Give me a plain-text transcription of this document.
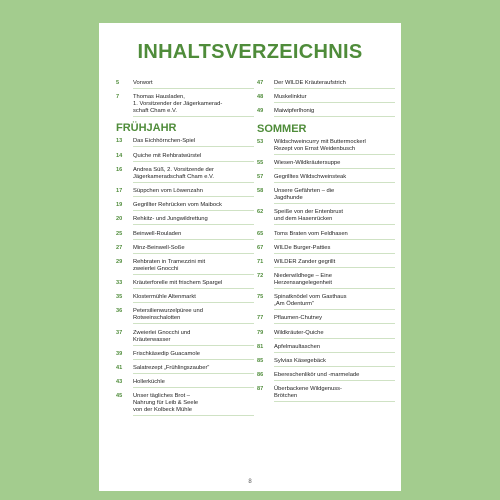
INHALTSVERZEICHNIS
5	Vorwort
7	Thomas Hausladen,
1. Vorsitzender der Jägerkamerad-
schaft Cham e.V.
FRÜHJAHR
13	Das Eichhörnchen-Spiel
14	Quiche mit Rehbratwürstel
16	Andrea Süß, 2. Vorsitzende der
Jägerkameradschaft Cham e.V.
17	Süppchen vom Löwenzahn
19	Gegrillter Rehrücken vom Maibock
20	Rehkitz- und Jungwildrettung
25	Beinwell-Rouladen
27	Minz-Beinwell-Soße
29	Rehbraten in Tramezzini mit
zweierlei Gnocchi
33	Kräuterforelle mit frischem Spargel
35	Klostermühle Altenmarkt
36	Petersilienwurzelpüree und
Rotweinschalotten
37	Zweierlei Gnocchi und
Kräuterwasser
39	Frischkäsedip Guacamole
41	Salatrezept „Frühlingszauber“
43	Hollerküchle
45	Unser tägliches Brot –
Nahrung für Leib & Seele
von der Kolbeck Mühle
47	Der WILDE Kräuteraufstrich
48	Muskelinktur
49	Maiwipferlhonig
SOMMER
53	Wildschweincurry mit Buttermockerl
Rezept von Ernst Weidenbusch
55	Wiesen-Wildkräutersuppe
57	Gegrilltes Wildschweinsteak
58	Unsere Gefährten – die
Jagdhunde
62	Speiße von der Entenbrust
und dem Hasenrücken
65	Toms Braten vom Feldhasen
67	WILDe Burger-Patties
71	WILDER Zander gegrillt
72	Niederwildhege – Eine
Herzensangelegenheit
75	Spinatknödel vom Gasthaus
„Am Ödenturm“
77	Pflaumen-Chutney
79	Wildkräuter-Quiche
81	Apfelmaultaschen
85	Sylvias Käsegebäck
86	Ebereschenlikör und -marmelade
87	Überbackene Wildgenuss-
Brötchen
8
